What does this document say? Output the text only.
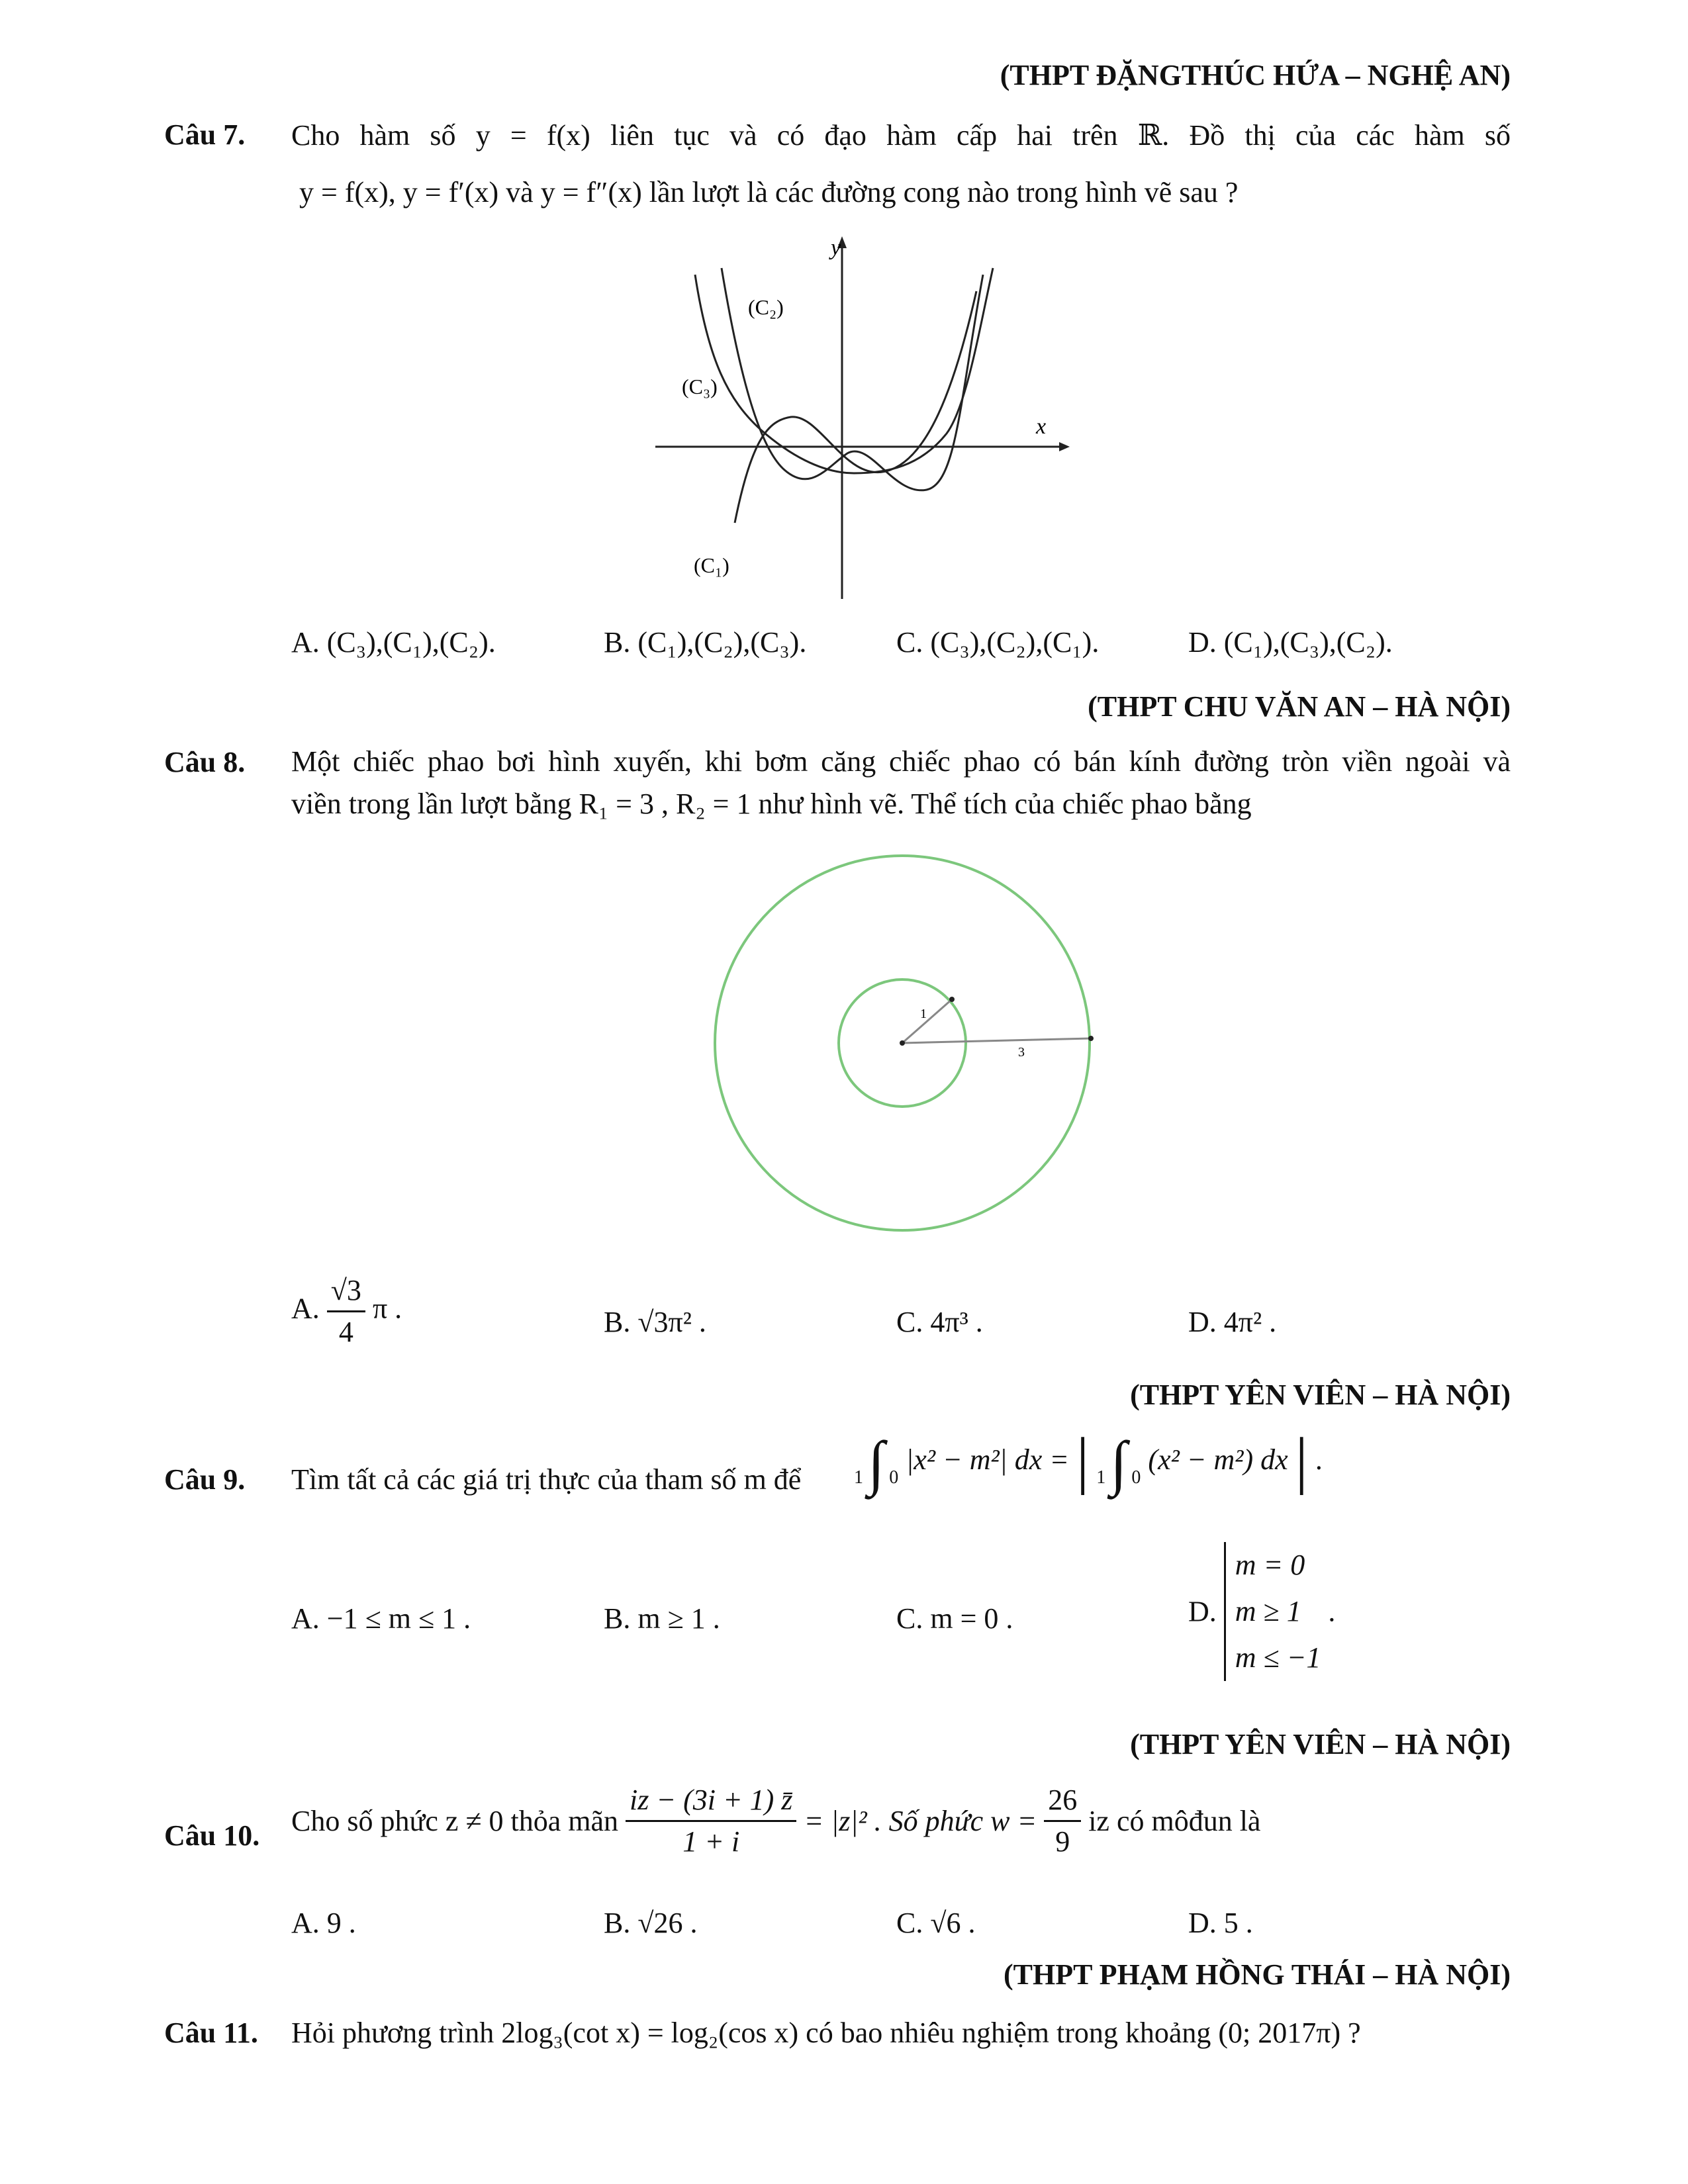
(THPT ĐẶNGTHÚC HỨA – NGHỆ AN)
Câu 7. Cho hàm số y = f(x) liên tục và có đạo hàm cấp hai trên ℝ. Đồ thị của các hàm số
y = f(x), y = f′(x) và y = f″(x) lần lượt là các đường cong nào trong hình vẽ sau ?
y
x
(C₂)
(C₃)
(C₁)
A. (C₃),(C₁),(C₂).	B. (C₁),(C₂),(C₃).	C. (C₃),(C₂),(C₁).	D. (C₁),(C₃),(C₂).
(THPT CHU VĂN AN – HÀ NỘI)
Câu 8. Một chiếc phao bơi hình xuyến, khi bơm căng chiếc phao có bán kính đường tròn viền ngoài và
viền trong lần lượt bằng R₁ = 3 , R₂ = 1 như hình vẽ. Thể tích của chiếc phao bằng
1
3
A. $\frac{√3}{4}$ π .	B. √3π² .	C. 4π³ .	D. 4π² .
(THPT YÊN VIÊN – HÀ NỘI)
Câu 9. Tìm tất cả các giá trị thực của tham số m để	1 ∫ 0 |x² − m²| dx = | 1 ∫ 0 (x² − m²) dx | .
A. −1 ≤ m ≤ 1 .	B. m ≥ 1 .	C. m = 0 .	D.
m = 0
m ≥ 1
m ≤ −1
.
(THPT YÊN VIÊN – HÀ NỘI)
Câu 10. Cho số phức z ≠ 0 thỏa mãn $\frac{iz - (3i + 1) z̄}{1 + i} = |z|^2$ . Số phức $w = \frac{26}{9}$ iz có môđun là
A. 9 .	B. √26 .	C. √6 .	D. 5 .
(THPT PHẠM HỒNG THÁI – HÀ NỘI)
Câu 11. Hỏi phương trình 2log₃(cot x) = log₂(cos x) có bao nhiêu nghiệm trong khoảng (0; 2017π) ?
